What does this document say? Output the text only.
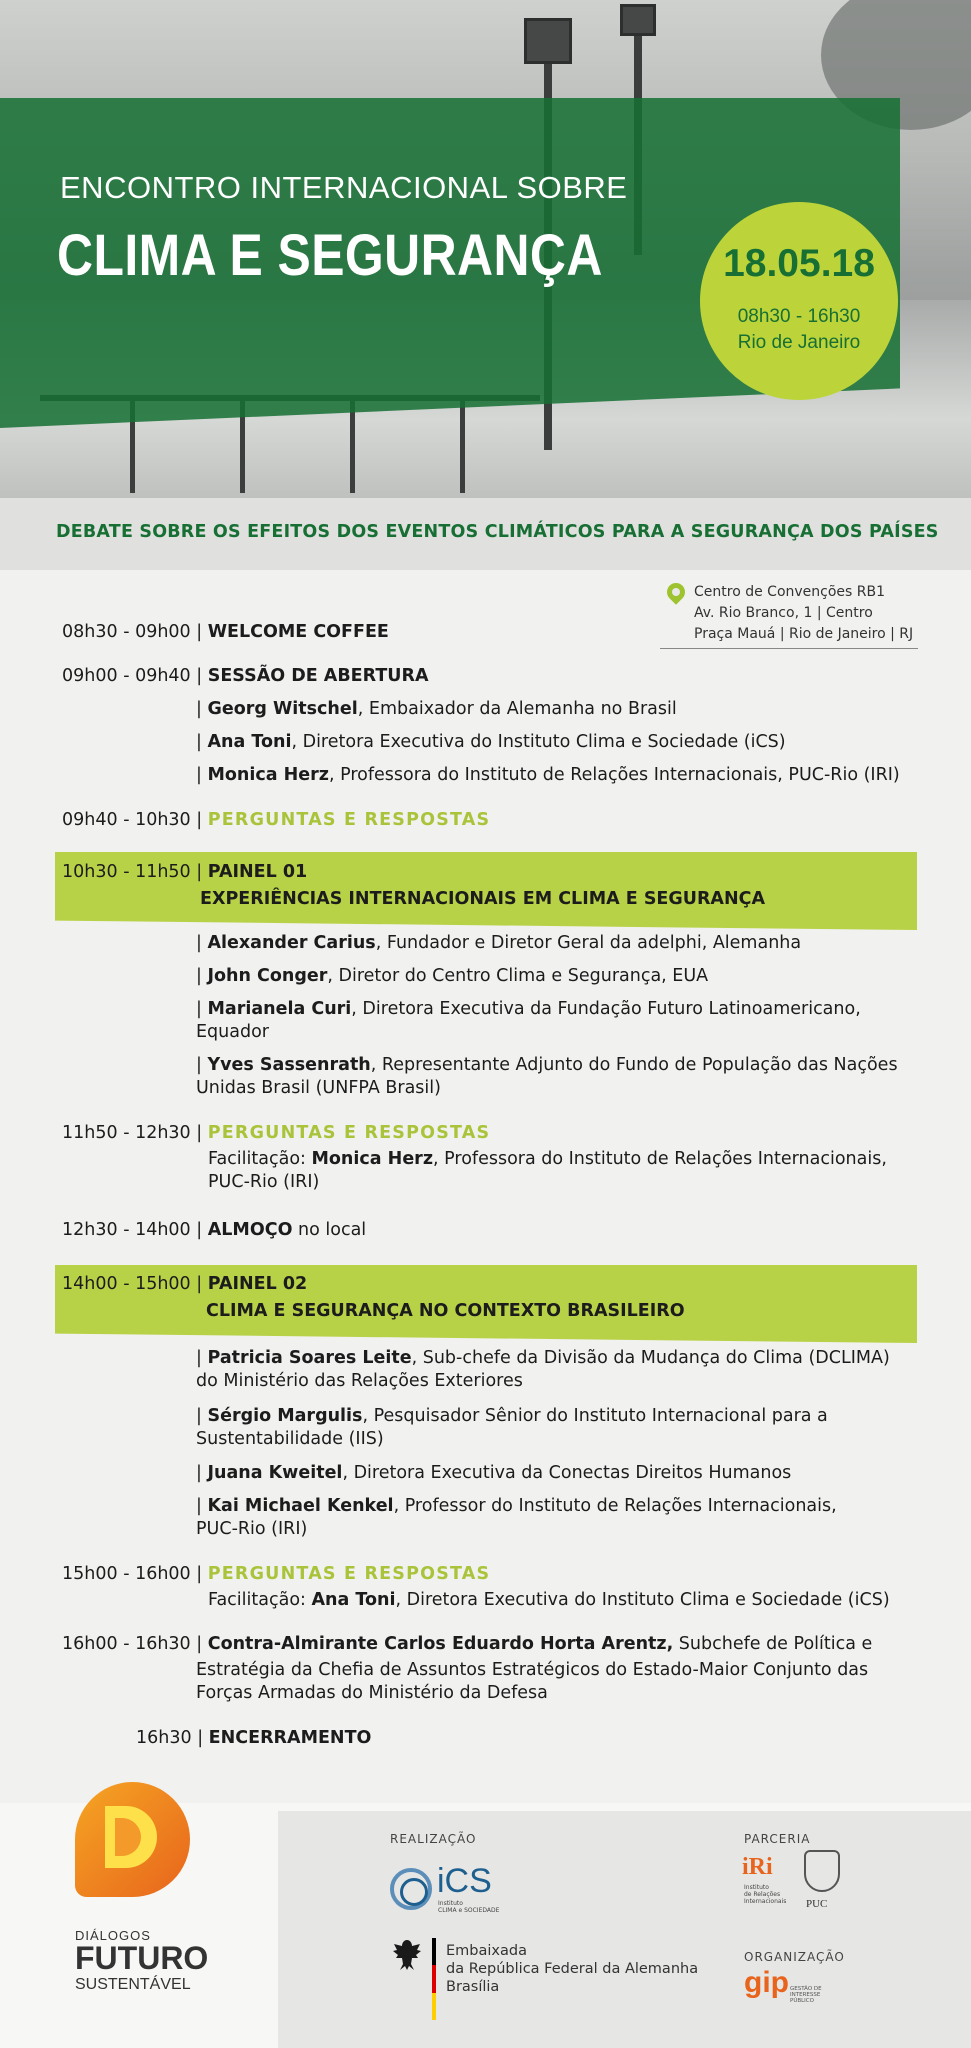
ENCONTRO INTERNACIONAL SOBRE
CLIMA E SEGURANÇA	18.05.18
08h30 - 16h30
Rio de Janeiro
DEBATE SOBRE OS EFEITOS DOS EVENTOS CLIMÁTICOS PARA A SEGURANÇA DOS PAÍSES
Centro de Convenções RB1
Av. Rio Branco, 1 | Centro
Praça Mauá | Rio de Janeiro | RJ
08h30 - 09h00 | WELCOME COFFEE
09h00 - 09h40 | SESSÃO DE ABERTURA
| Georg Witschel, Embaixador da Alemanha no Brasil
| Ana Toni, Diretora Executiva do Instituto Clima e Sociedade (iCS)
| Monica Herz, Professora do Instituto de Relações Internacionais, PUC-Rio (IRI)
09h40 - 10h30 | PERGUNTAS E RESPOSTAS
10h30 - 11h50 | PAINEL 01
EXPERIÊNCIAS INTERNACIONAIS EM CLIMA E SEGURANÇA
| Alexander Carius, Fundador e Diretor Geral da adelphi, Alemanha
| John Conger, Diretor do Centro Clima e Segurança, EUA
| Marianela Curi, Diretora Executiva da Fundação Futuro Latinoamericano,
Equador
| Yves Sassenrath, Representante Adjunto do Fundo de População das Nações
Unidas Brasil (UNFPA Brasil)
11h50 - 12h30 | PERGUNTAS E RESPOSTAS
Facilitação: Monica Herz, Professora do Instituto de Relações Internacionais,
PUC-Rio (IRI)
12h30 - 14h00 | ALMOÇO no local
14h00 - 15h00 | PAINEL 02
CLIMA E SEGURANÇA NO CONTEXTO BRASILEIRO
| Patricia Soares Leite, Sub-chefe da Divisão da Mudança do Clima (DCLIMA)
do Ministério das Relações Exteriores
| Sérgio Margulis, Pesquisador Sênior do Instituto Internacional para a
Sustentabilidade (IIS)
| Juana Kweitel, Diretora Executiva da Conectas Direitos Humanos
| Kai Michael Kenkel, Professor do Instituto de Relações Internacionais,
PUC-Rio (IRI)
15h00 - 16h00 | PERGUNTAS E RESPOSTAS
Facilitação: Ana Toni, Diretora Executiva do Instituto Clima e Sociedade (iCS)
16h00 - 16h30 | Contra-Almirante Carlos Eduardo Horta Arentz, Subchefe de Política e
Estratégia da Chefia de Assuntos Estratégicos do Estado-Maior Conjunto das
Forças Armadas do Ministério da Defesa
16h30 | ENCERRAMENTO
DIÁLOGOS
FUTURO
SUSTENTÁVEL
REALIZAÇÃO
iCS
Instituto
CLIMA e SOCIEDADE
Embaixada
da República Federal da Alemanha
Brasília
PARCERIA
iRi
Instituto
de Relações
Internacionais PUC
ORGANIZAÇÃO
gip GESTÃO DE
INTERESSE
PÚBLICO
